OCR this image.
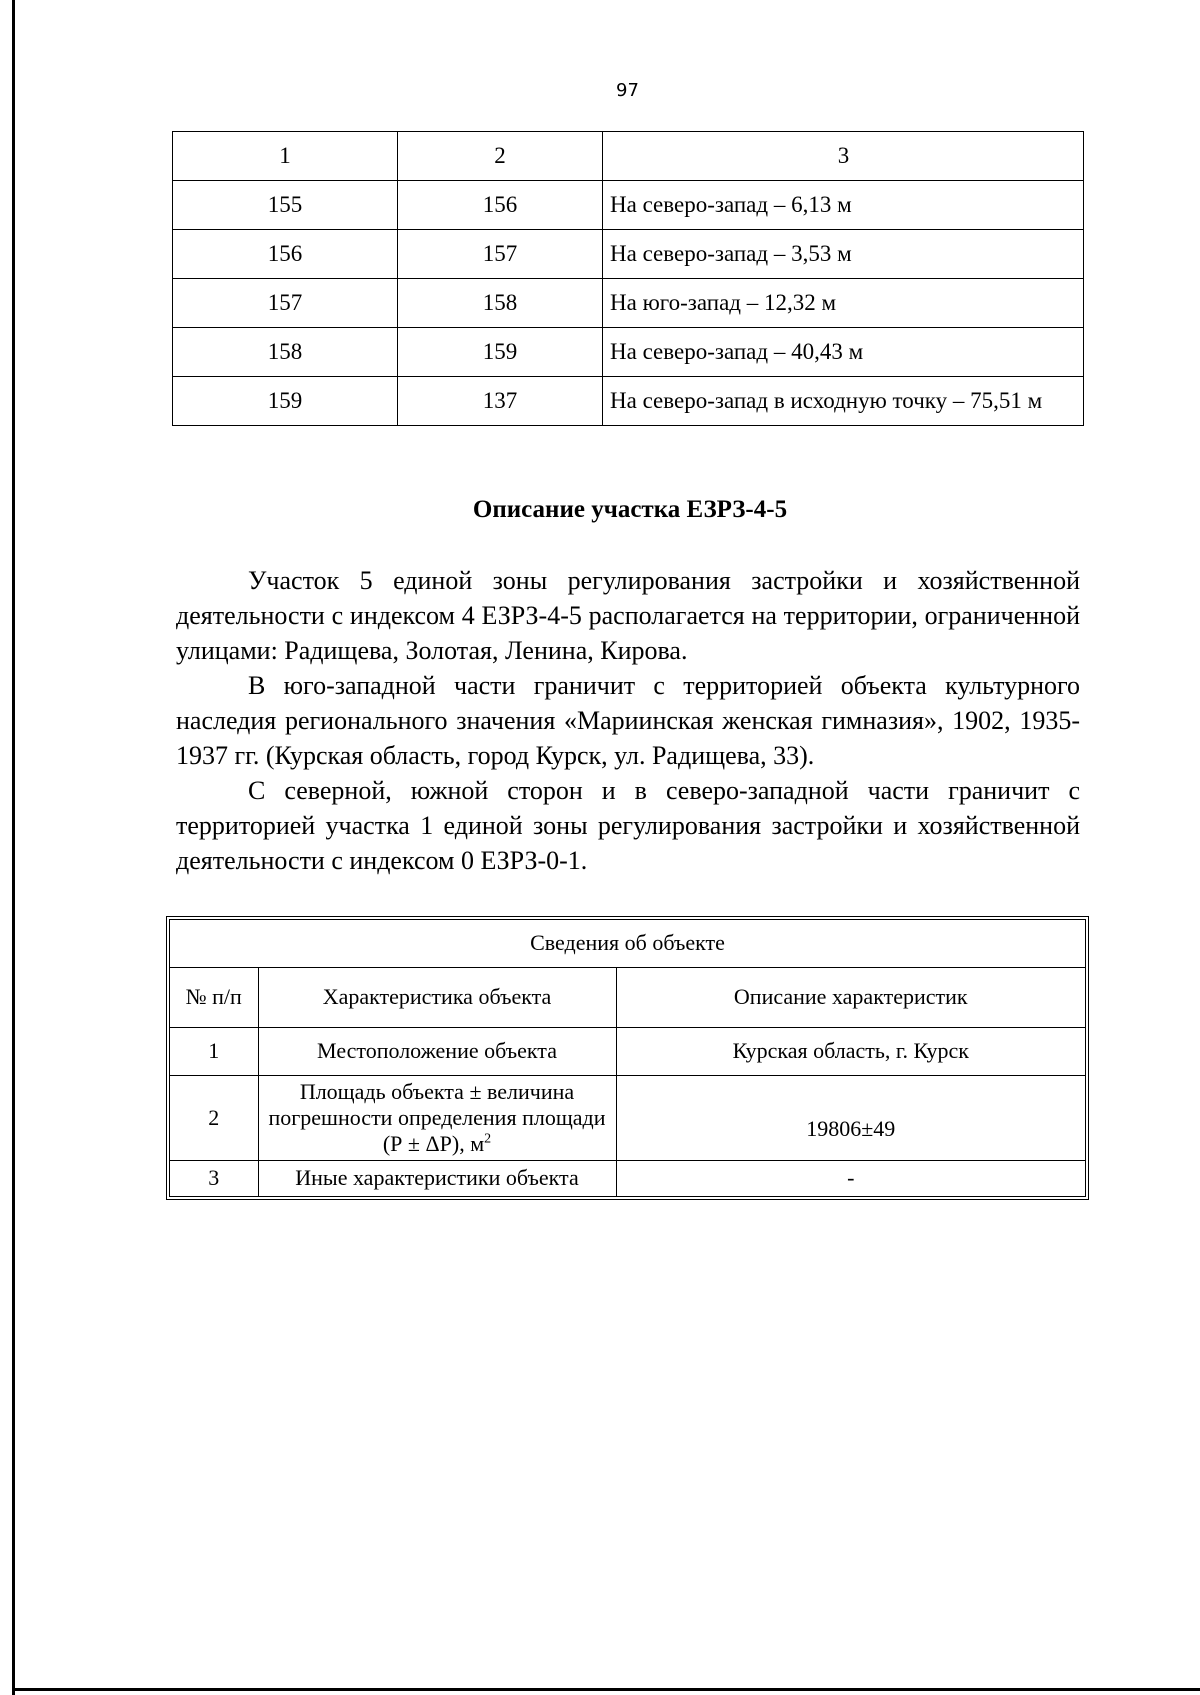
97
1	2	3
155	156	На северо-запад – 6,13 м
156	157	На северо-запад – 3,53 м
157	158	На юго-запад – 12,32 м
158	159	На северо-запад – 40,43 м
159	137	На северо-запад в исходную точку – 75,51 м
Описание участка ЕЗРЗ-4-5

Участок 5 единой зоны регулирования застройки и хозяйственной деятельности с индексом 4 ЕЗРЗ-4-5 располагается на территории, ограниченной улицами: Радищева, Золотая, Ленина, Кирова.

В юго-западной части граничит с территорией объекта культурного наследия регионального значения «Мариинская женская гимназия», 1902, 1935-1937 гг. (Курская область, город Курск, ул. Радищева, 33).

С северной, южной сторон и в северо-западной части граничит с территорией участка 1 единой зоны регулирования застройки и хозяйственной деятельности с индексом 0 ЕЗРЗ-0-1.

Сведения об объекте		
№ п/п	Характеристика объекта	Описание характеристик
1	Местоположение объекта	Курская область, г. Курск
2	Площадь объекта ± величина погрешности определения площади (Р ± ΔР), $м^2$	19806±49
3	Иные характеристики объекта	-
